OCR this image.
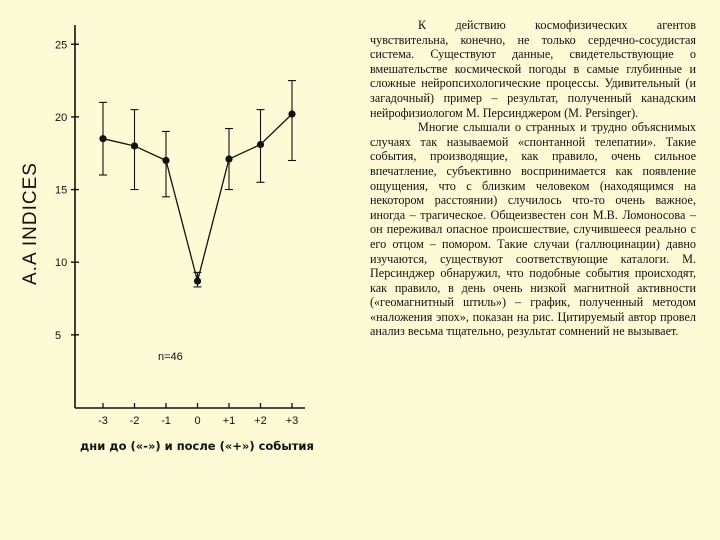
5
10
15
20
25
-3 -2 -1 0 +1 +2 +3
n=46
A.A INDICES
дни до («-») и после («+») события

К действию космофизических агентов чувствительна, конечно, не только сердечно-сосудистая система. Существуют данные, свидетельствующие о вмешательстве космической погоды в самые глубинные и сложные нейропсихологические процессы. Удивительный (и загадочный) пример – результат, полученный канадским нейрофизиологом М. Персинджером (M. Persinger).

Многие слышали о странных и трудно объяснимых случаях так называемой «спонтанной телепатии». Такие события, производящие, как правило, очень сильное впечатление, субъективно воспринимается как появление ощущения, что с близким человеком (находящимся на некотором расстоянии) случилось что-то очень важное, иногда – трагическое. Общеизвестен сон М.В. Ломоносова – он переживал опасное происшествие, случившееся реально с его отцом – помором. Такие случаи (галлюцинации) давно изучаются, существуют соответствующие каталоги. М. Персинджер обнаружил, что подобные события происходят, как правило, в день очень низкой магнитной активности («геомагнитный штиль») – график, полученный методом «наложения эпох», показан на рис. Цитируемый автор провел анализ весьма тщательно, результат сомнений не вызывает.
